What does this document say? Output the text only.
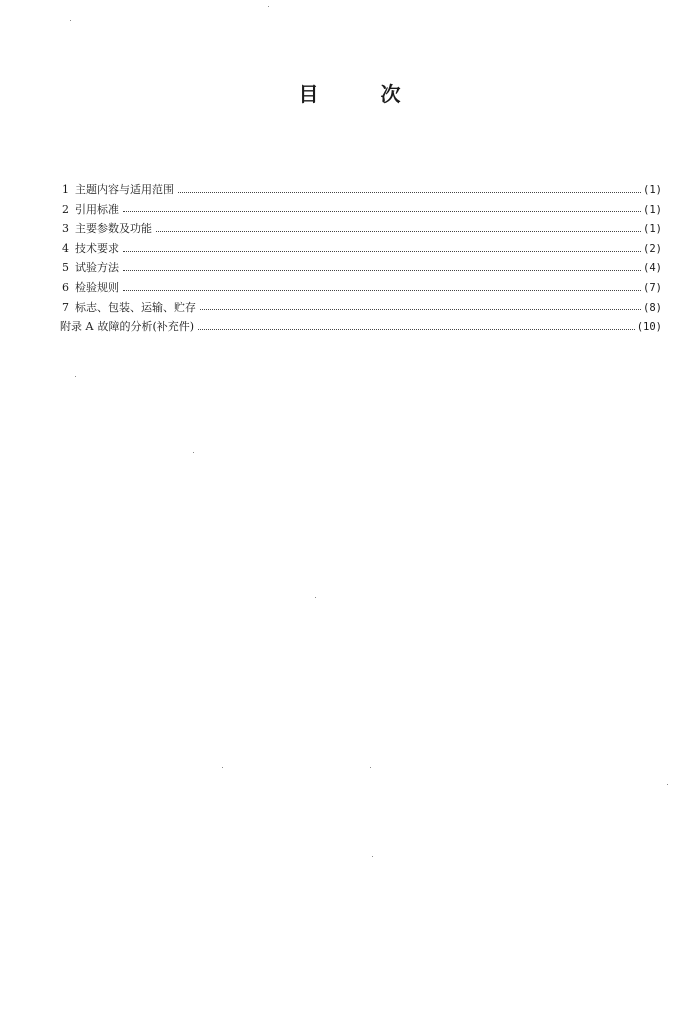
目	次
1 主题内容与适用范围	(1)
2 引用标准	(1)
3 主要参数及功能	(1)
4 技术要求	(2)
5 试验方法	(4)
6 检验规则	(7)
7 标志、包装、运输、贮存	(8)
附录 A 故障的分析(补充件)	(10)
